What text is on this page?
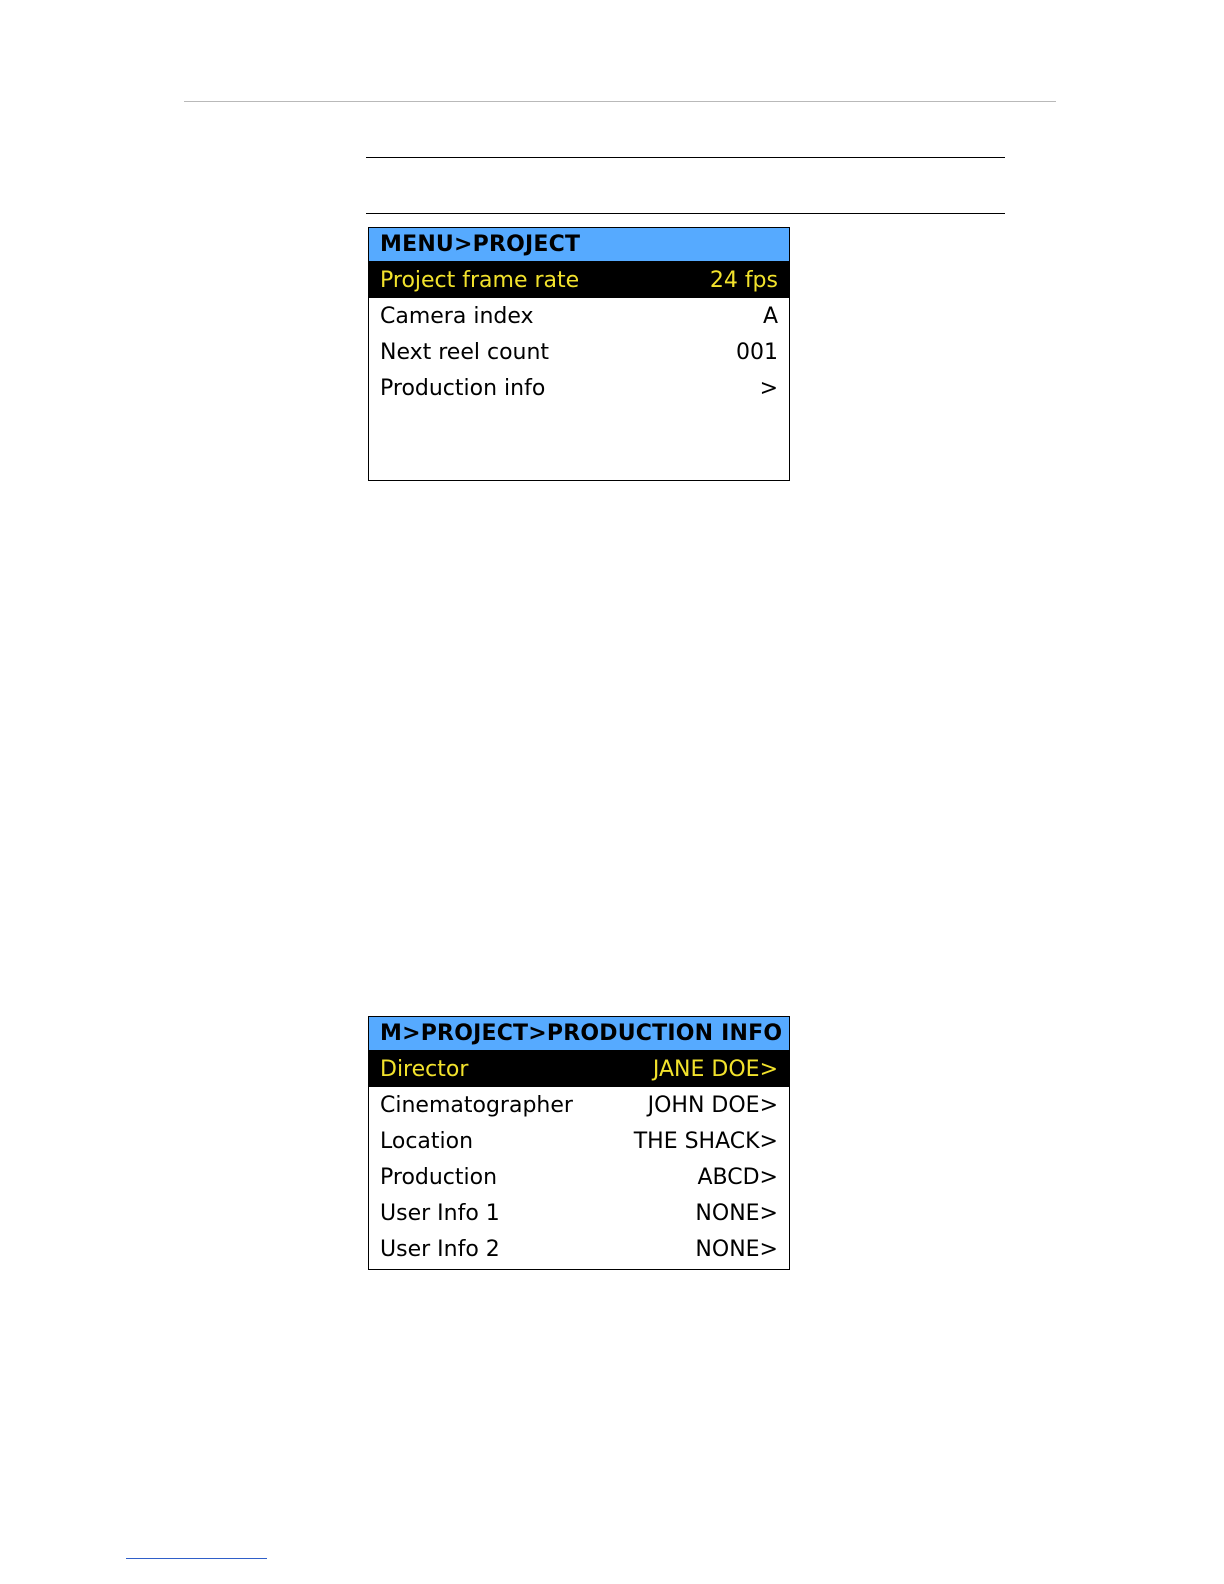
MENU>PROJECT
Project frame rate	24 fps
Camera index	A
Next reel count	001
Production info	>
M>PROJECT>PRODUCTION INFO
Director	JANE DOE>
Cinematographer	JOHN DOE>
Location	THE SHACK>
Production	ABCD>
User Info 1	NONE>
User Info 2	NONE>
